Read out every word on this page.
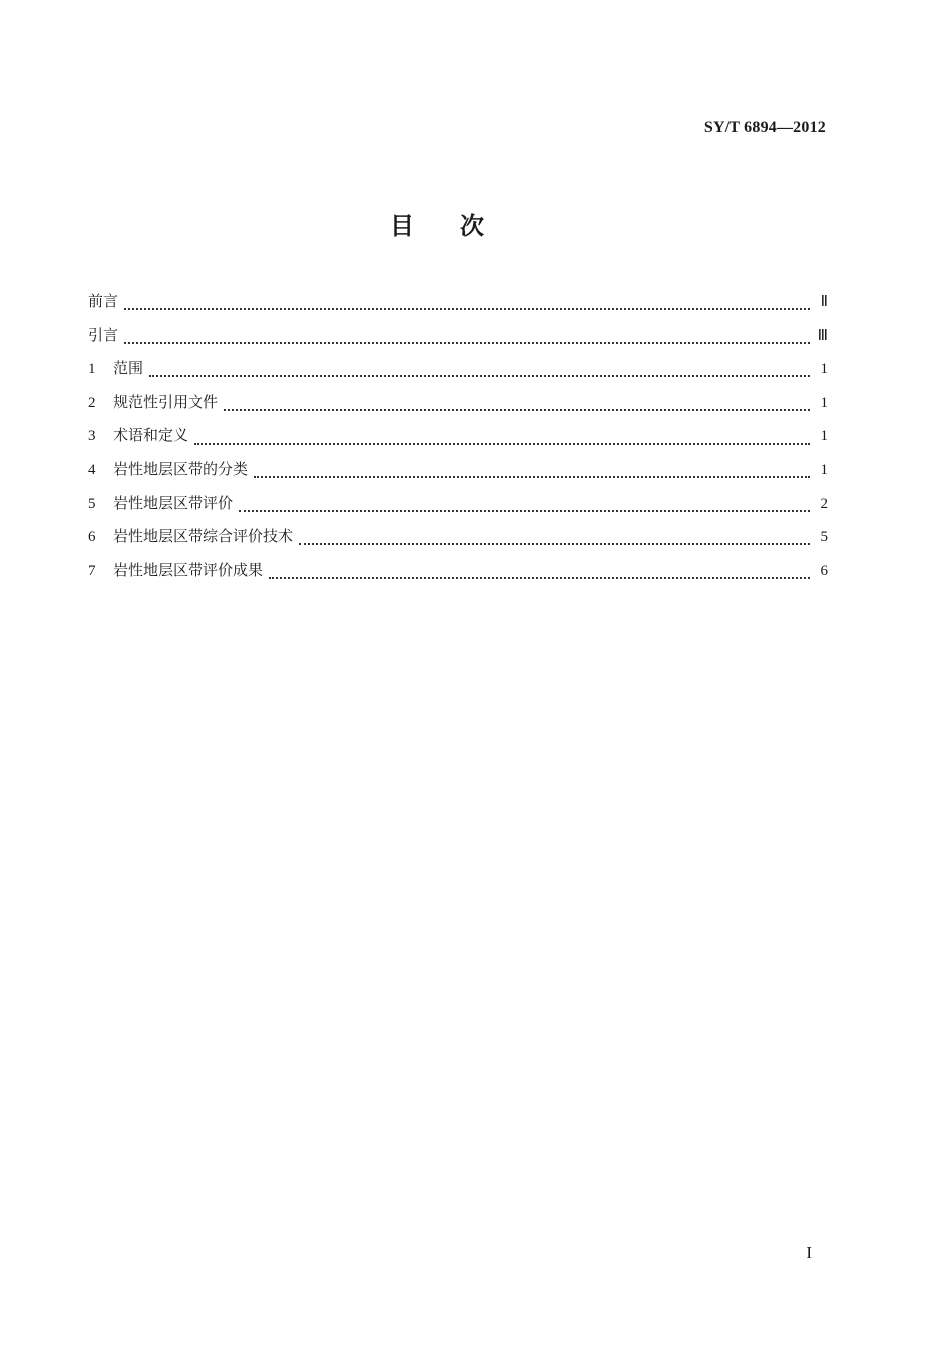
SY/T 6894—2012
目次
前言	Ⅱ
引言	Ⅲ
1	范围	1
2	规范性引用文件	1
3	术语和定义	1
4	岩性地层区带的分类	1
5	岩性地层区带评价	2
6	岩性地层区带综合评价技术	5
7	岩性地层区带评价成果	6
I
